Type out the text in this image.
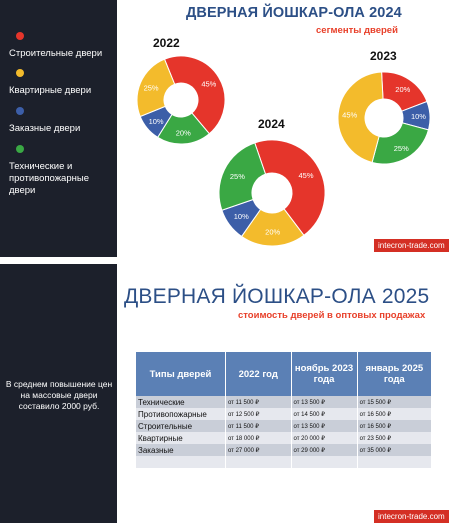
Строительные двери
Квартирные двери
Заказные двери
Технические и противопожарные двери
ДВЕРНАЯ ЙОШКАР-ОЛА 2024
сегменты дверей
2022
2023
2024
45%
20%
10%
25%	20%
10%
25%
45%
45%
20%
10%
25%
intecron-trade.com
В среднем повышение цен на массовые двери составило 2000 руб.
ДВЕРНАЯ ЙОШКАР-ОЛА 2025
стоимость дверей в оптовых продажах
Типы дверей	2022 год	ноябрь 2023 года	январь 2025 года
Технические	от 11 500 ₽	от 13 500 ₽	от 15 500 ₽
Противопожарные	от 12 500 ₽	от 14 500 ₽	от 16 500 ₽
Строительные	от 11 500 ₽	от 13 500 ₽	от 16 500 ₽
Квартирные	от 18 000 ₽	от 20 000 ₽	от 23 500 ₽
Заказные	от 27 000 ₽	от 29 000 ₽	от 35 000 ₽

intecron-trade.com
